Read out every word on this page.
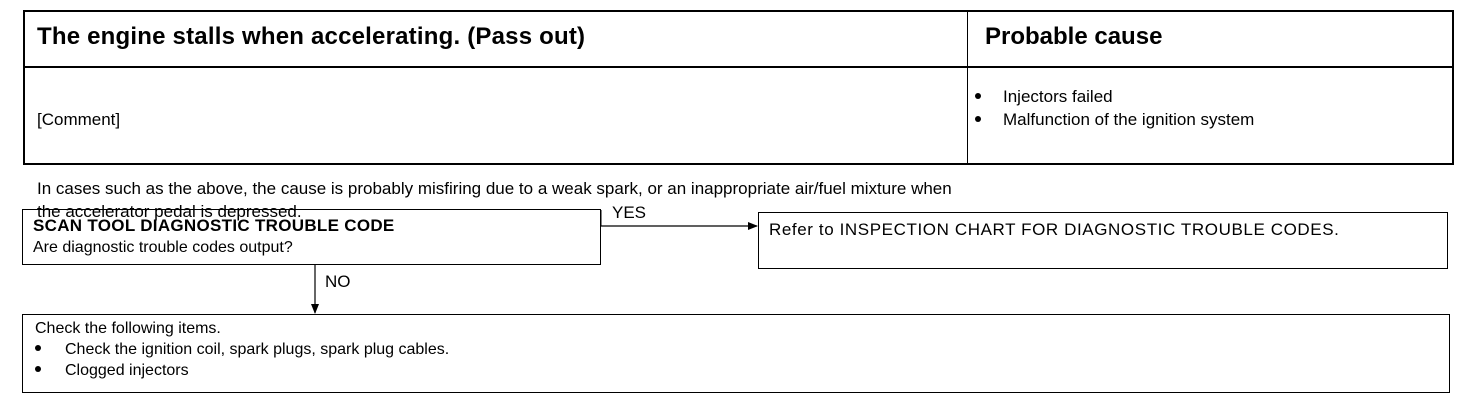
The engine stalls when accelerating. (Pass out)	Probable cause

[Comment]

In cases such as the above, the cause is probably misfiring due to a weak spark, or an inappropriate air/fuel mixture when the accelerator pedal is depressed.

Injectors failed
Malfunction of the ignition system
SCAN TOOL DIAGNOSTIC TROUBLE CODE
Are diagnostic trouble codes output?
Refer to INSPECTION CHART FOR DIAGNOSTIC TROUBLE CODES.
Check the following items.
Check the ignition coil, spark plugs, spark plug cables.
Clogged injectors
YES
NO
